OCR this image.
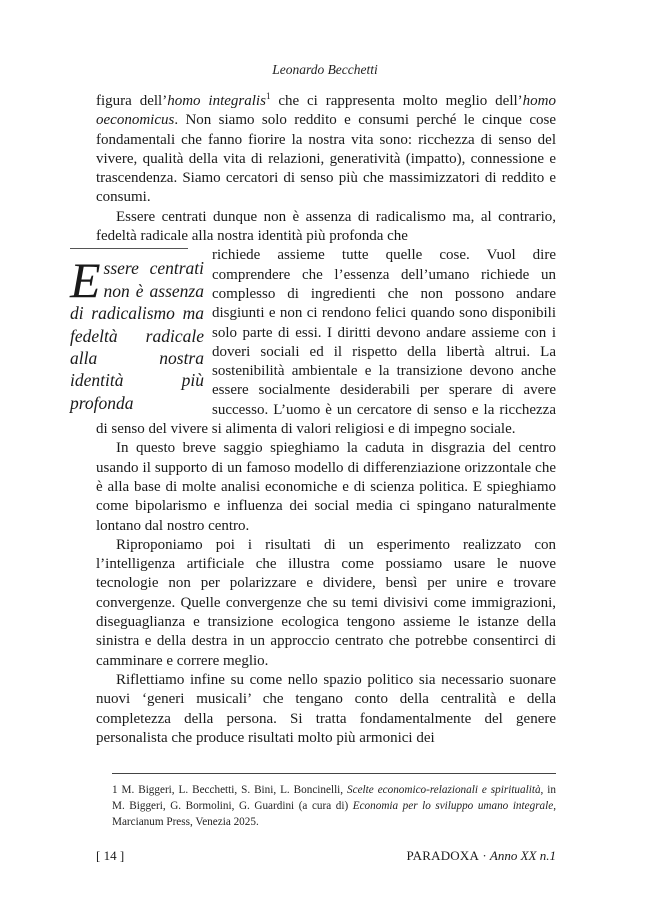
Leonardo Becchetti

figura dell’homo integralis$^1$ che ci rappresenta molto meglio dell’homo oeconomicus. Non siamo solo reddito e consumi perché le cinque cose fondamentali che fanno fiorire la nostra vita sono: ricchezza di senso del vivere, qualità della vita di relazioni, generatività (impatto), connessione e trascendenza. Siamo cercatori di senso più che massimizzatori di reddito e consumi.

Essere centrati dunque non è assenza di radicalismo ma, al contrario, fedeltà radicale alla nostra identità più profonda che

Essere centrati non è assenza di radicalismo ma fedeltà radicale alla nostra identità più profonda

richiede assieme tutte quelle cose. Vuol dire comprendere che l’essenza dell’umano richiede un complesso di ingredienti che non possono andare disgiunti e non ci rendono felici quando sono disponibili solo parte di essi. I diritti devono andare assieme con i doveri sociali ed il rispetto della libertà altrui. La sostenibilità ambientale e la transizione devono anche essere socialmente desiderabili per sperare di avere successo. L’uomo è un cercatore di senso e la ricchezza di senso del vivere si alimenta di valori religiosi e di impegno sociale.

In questo breve saggio spieghiamo la caduta in disgrazia del centro usando il supporto di un famoso modello di differenziazione orizzontale che è alla base di molte analisi economiche e di scienza politica. E spieghiamo come bipolarismo e influenza dei social media ci spingano naturalmente lontano dal nostro centro.

Riproponiamo poi i risultati di un esperimento realizzato con l’intelligenza artificiale che illustra come possiamo usare le nuove tecnologie non per polarizzare e dividere, bensì per unire e trovare convergenze. Quelle convergenze che su temi divisivi come immigrazioni, diseguaglianza e transizione ecologica tengono assieme le istanze della sinistra e della destra in un approccio centrato che potrebbe consentirci di camminare e correre meglio.

Riflettiamo infine su come nello spazio politico sia necessario suonare nuovi ‘generi musicali’ che tengano conto della centralità e della completezza della persona. Si tratta fondamentalmente del genere personalista che produce risultati molto più armonici dei

1 M. Biggeri, L. Becchetti, S. Bini, L. Boncinelli, Scelte economico-relazionali e spiritualità, in M. Biggeri, G. Bormolini, G. Guardini (a cura di) Economia per lo sviluppo umano integrale, Marcianum Press, Venezia 2025.
[ 14 ]	PARADOXA · Anno XX n.1
